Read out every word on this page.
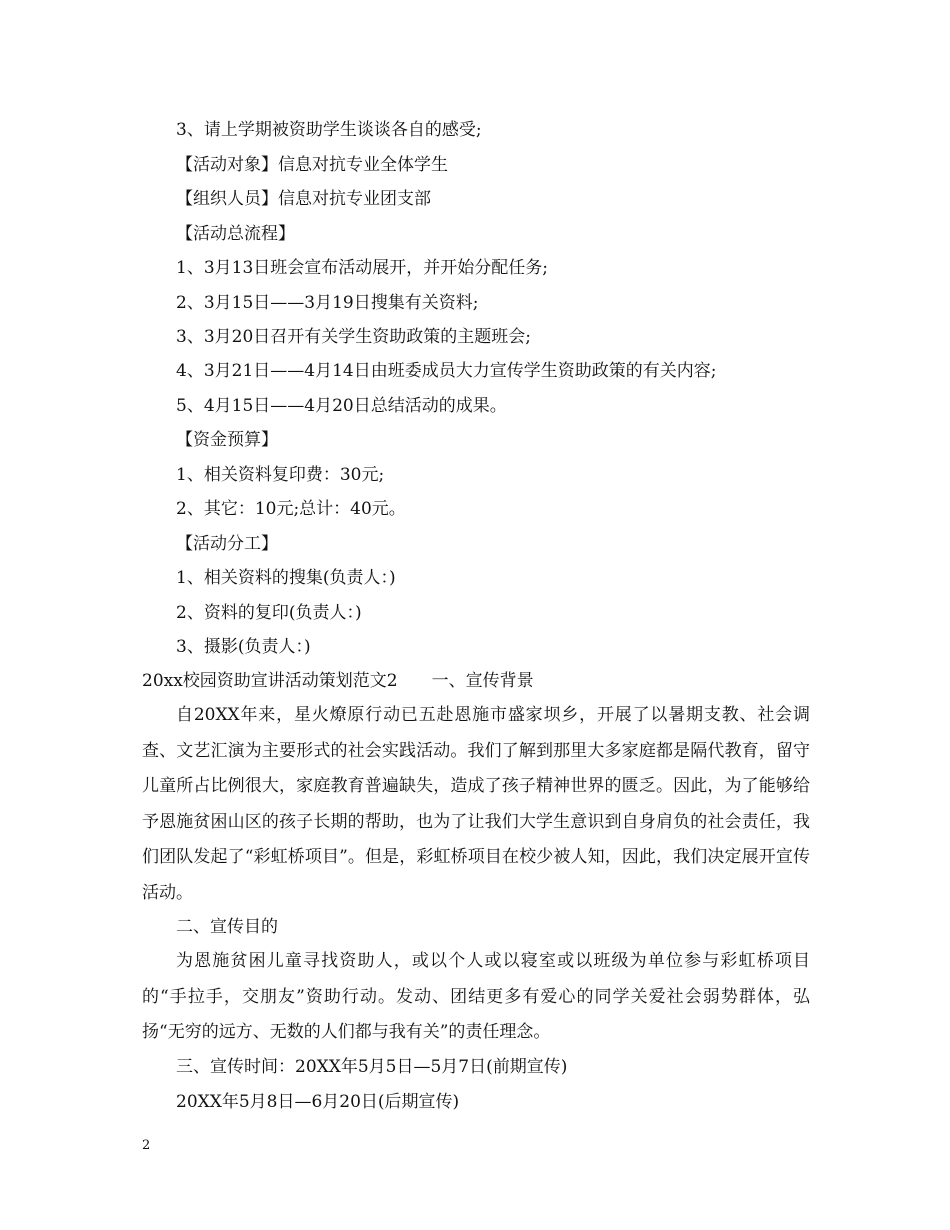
3、请上学期被资助学生谈谈各自的感受;
【活动对象】信息对抗专业全体学生
【组织人员】信息对抗专业团支部
【活动总流程】
1、3月13日班会宣布活动展开，并开始分配任务;
2、3月15日——3月19日搜集有关资料;
3、3月20日召开有关学生资助政策的主题班会;
4、3月21日——4月14日由班委成员大力宣传学生资助政策的有关内容;
5、4月15日——4月20日总结活动的成果。
【资金预算】
1、相关资料复印费：30元;
2、其它：10元;总计：40元。
【活动分工】
1、相关资料的搜集(负责人：)
2、资料的复印(负责人：)
3、摄影(负责人：)
20xx校园资助宣讲活动策划范文2　　一、宣传背景
自20XX年来，星火燎原行动已五赴恩施市盛家坝乡，开展了以暑期支教、社会调查、文艺汇演为主要形式的社会实践活动。我们了解到那里大多家庭都是隔代教育，留守儿童所占比例很大，家庭教育普遍缺失，造成了孩子精神世界的匮乏。因此，为了能够给予恩施贫困山区的孩子长期的帮助，也为了让我们大学生意识到自身肩负的社会责任，我们团队发起了“彩虹桥项目”。但是，彩虹桥项目在校少被人知，因此，我们决定展开宣传活动。
二、宣传目的
为恩施贫困儿童寻找资助人，或以个人或以寝室或以班级为单位参与彩虹桥项目的“手拉手，交朋友”资助行动。发动、团结更多有爱心的同学关爱社会弱势群体，弘扬“无穷的远方、无数的人们都与我有关”的责任理念。
三、宣传时间：20XX年5月5日—5月7日(前期宣传)
20XX年5月8日—6月20日(后期宣传)
2
